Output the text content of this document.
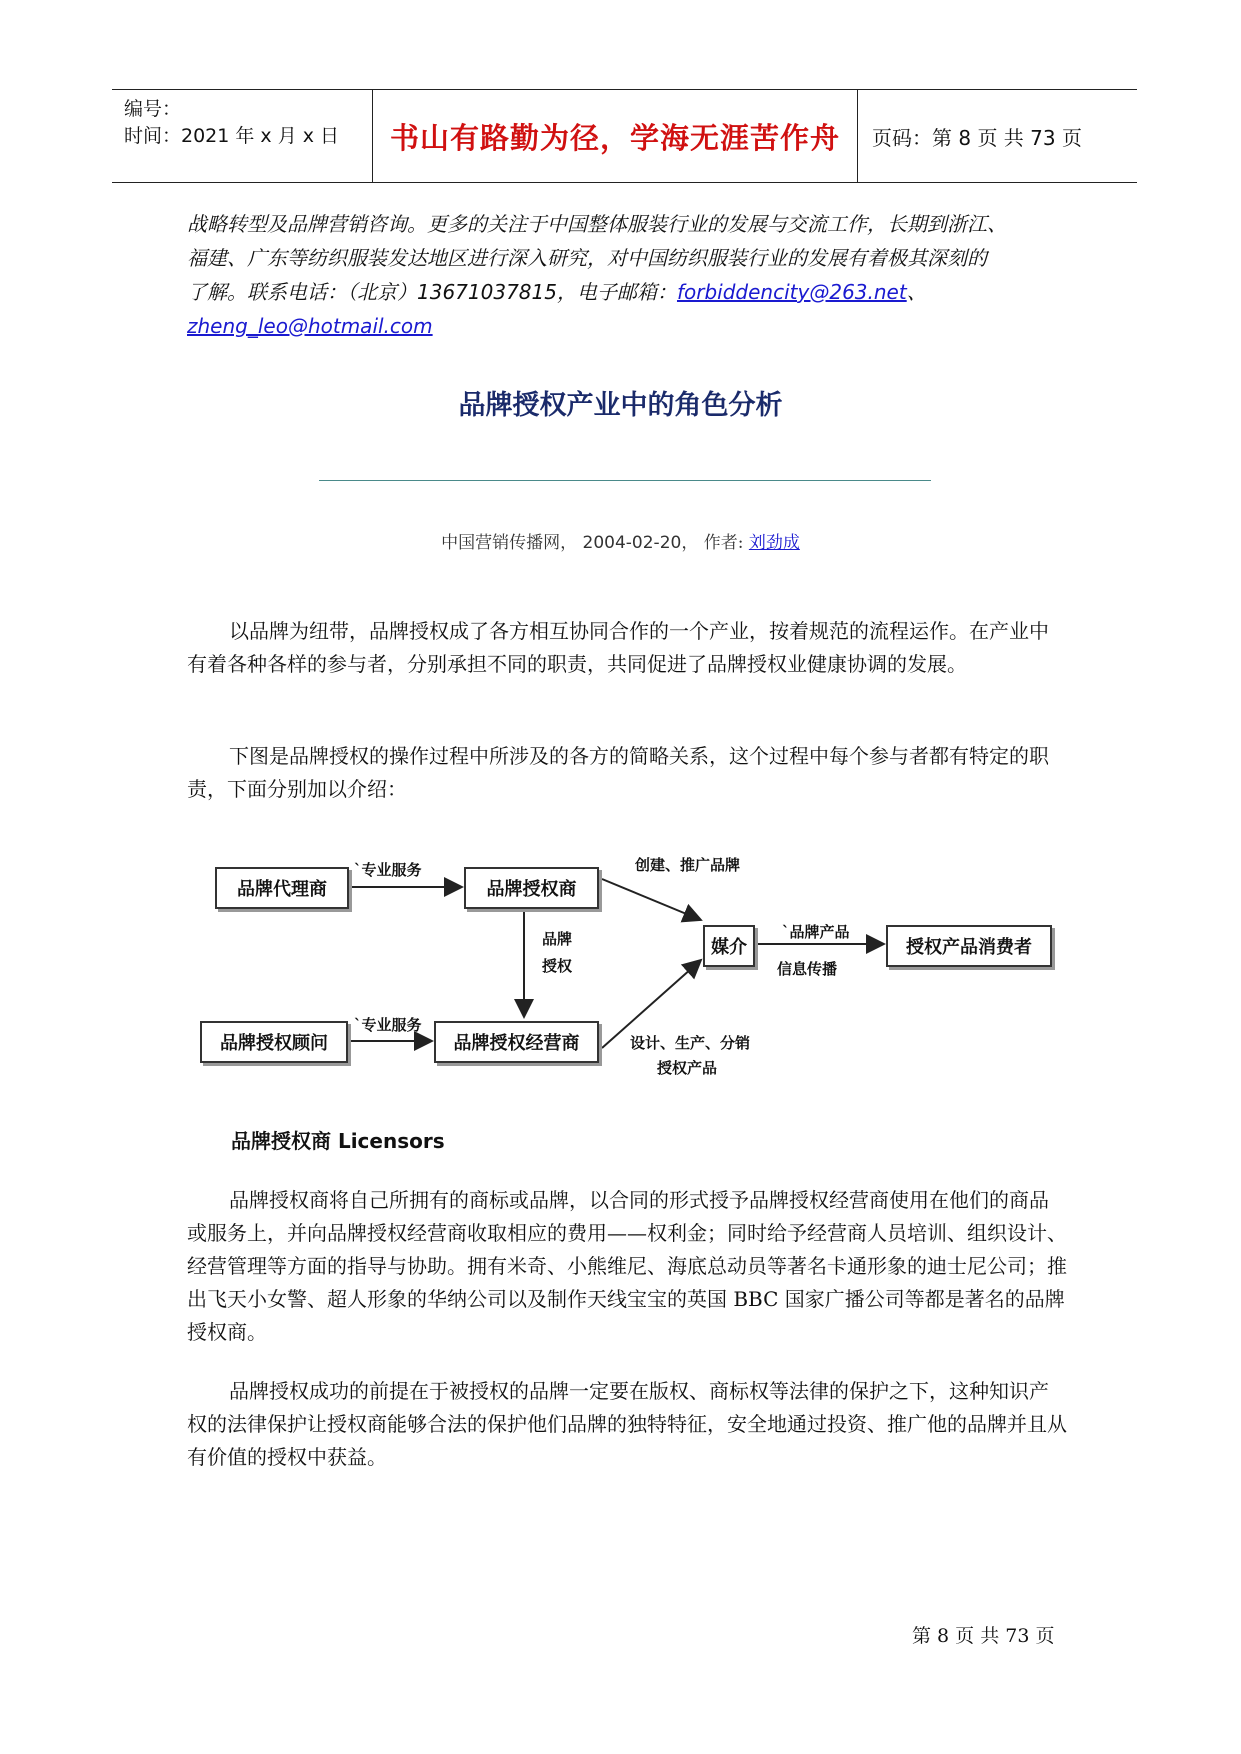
编号：
时间：2021 年 x 月 x 日	书山有路勤为径，学海无涯苦作舟	页码：第 8 页 共 73 页
战略转型及品牌营销咨询。更多的关注于中国整体服装行业的发展与交流工作，长期到浙江、
福建、广东等纺织服装发达地区进行深入研究，对中国纺织服装行业的发展有着极其深刻的
了解。联系电话：（北京）13671037815，电子邮箱：forbiddencity@263.net、
zheng_leo@hotmail.com
品牌授权产业中的角色分析
中国营销传播网， 2004-02-20， 作者: 刘劲成
以品牌为纽带，品牌授权成了各方相互协同合作的一个产业，按着规范的流程运作。在产业中有着各种各样的参与者，分别承担不同的职责，共同促进了品牌授权业健康协调的发展。
下图是品牌授权的操作过程中所涉及的各方的简略关系，这个过程中每个参与者都有特定的职责，下面分别加以介绍：
品牌代理商	品牌授权商
媒介	授权产品消费者
品牌授权顾问	品牌授权经营商
`专业服务	创建、推广品牌
品牌
授权
`品牌产品
信息传播
`专业服务
设计、生产、分销
授权产品
品牌授权商 Licensors
品牌授权商将自己所拥有的商标或品牌，以合同的形式授予品牌授权经营商使用在他们的商品或服务上，并向品牌授权经营商收取相应的费用——权利金；同时给予经营商人员培训、组织设计、经营管理等方面的指导与协助。拥有米奇、小熊维尼、海底总动员等著名卡通形象的迪士尼公司；推出飞天小女警、超人形象的华纳公司以及制作天线宝宝的英国 BBC 国家广播公司等都是著名的品牌授权商。
品牌授权成功的前提在于被授权的品牌一定要在版权、商标权等法律的保护之下，这种知识产权的法律保护让授权商能够合法的保护他们品牌的独特特征，安全地通过投资、推广他的品牌并且从有价值的授权中获益。
第 8 页 共 73 页
